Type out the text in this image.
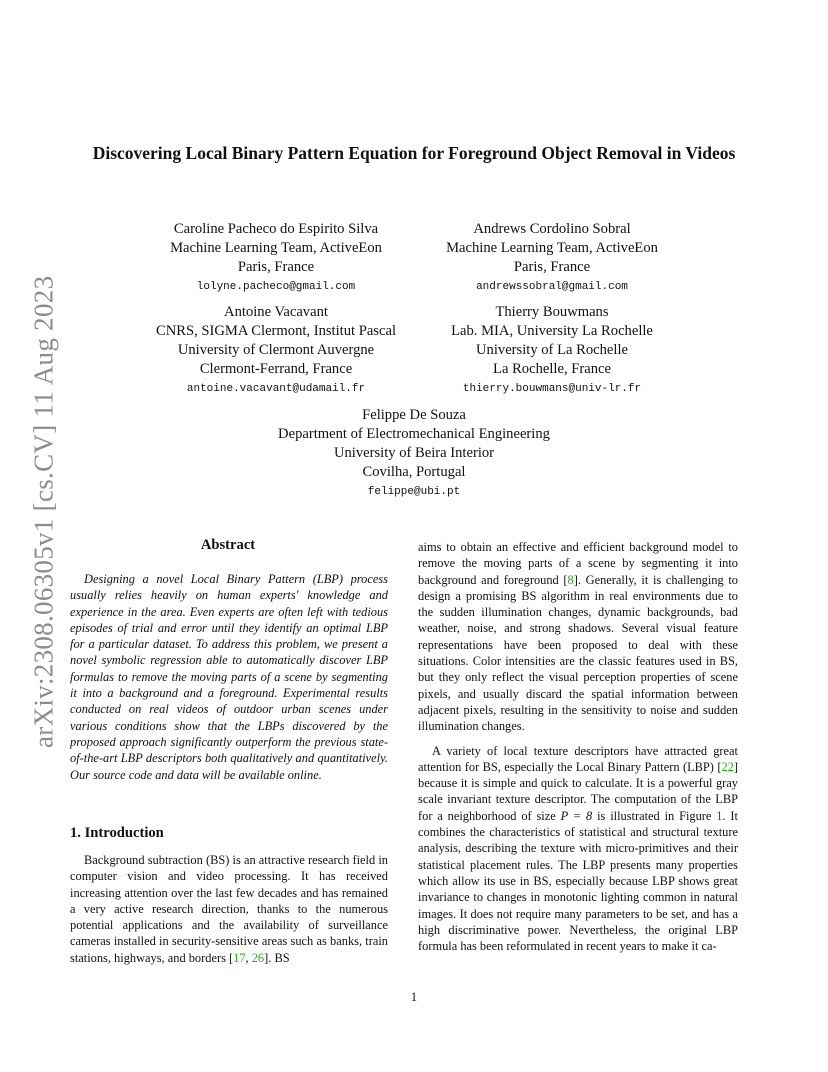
arXiv:2308.06305v1 [cs.CV] 11 Aug 2023
Discovering Local Binary Pattern Equation for Foreground Object Removal in Videos
Caroline Pacheco do Espirito Silva
Machine Learning Team, ActiveEon
Paris, France
lolyne.pacheco@gmail.com
Andrews Cordolino Sobral
Machine Learning Team, ActiveEon
Paris, France
andrewssobral@gmail.com
Antoine Vacavant
CNRS, SIGMA Clermont, Institut Pascal
University of Clermont Auvergne
Clermont-Ferrand, France
antoine.vacavant@udamail.fr
Thierry Bouwmans
Lab. MIA, University La Rochelle
University of La Rochelle
La Rochelle, France
thierry.bouwmans@univ-lr.fr
Felippe De Souza
Department of Electromechanical Engineering
University of Beira Interior
Covilha, Portugal
felippe@ubi.pt
Abstract

Designing a novel Local Binary Pattern (LBP) process usually relies heavily on human experts' knowledge and experience in the area. Even experts are often left with tedious episodes of trial and error until they identify an optimal LBP for a particular dataset. To address this problem, we present a novel symbolic regression able to automatically discover LBP formulas to remove the moving parts of a scene by segmenting it into a background and a foreground. Experimental results conducted on real videos of outdoor urban scenes under various conditions show that the LBPs discovered by the proposed approach significantly outperform the previous state-of-the-art LBP descriptors both qualitatively and quantitatively. Our source code and data will be available online.

1. Introduction

Background subtraction (BS) is an attractive research field in computer vision and video processing. It has received increasing attention over the last few decades and has remained a very active research direction, thanks to the numerous potential applications and the availability of surveillance cameras installed in security-sensitive areas such as banks, train stations, highways, and borders [17, 26]. BS

aims to obtain an effective and efficient background model to remove the moving parts of a scene by segmenting it into background and foreground [8]. Generally, it is challenging to design a promising BS algorithm in real environments due to the sudden illumination changes, dynamic backgrounds, bad weather, noise, and strong shadows. Several visual feature representations have been proposed to deal with these situations. Color intensities are the classic features used in BS, but they only reflect the visual perception properties of scene pixels, and usually discard the spatial information between adjacent pixels, resulting in the sensitivity to noise and sudden illumination changes.

A variety of local texture descriptors have attracted great attention for BS, especially the Local Binary Pattern (LBP) [22] because it is simple and quick to calculate. It is a powerful gray scale invariant texture descriptor. The computation of the LBP for a neighborhood of size P = 8 is illustrated in Figure 1. It combines the characteristics of statistical and structural texture analysis, describing the texture with micro-primitives and their statistical placement rules. The LBP presents many properties which allow its use in BS, especially because LBP shows great invariance to changes in monotonic lighting common in natural images. It does not require many parameters to be set, and has a high discriminative power. Nevertheless, the original LBP formula has been reformulated in recent years to make it ca-

1
